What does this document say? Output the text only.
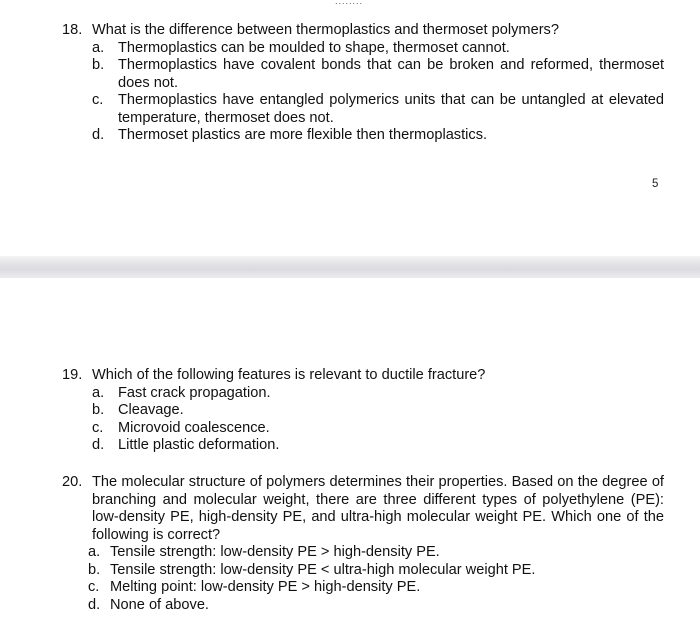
........
18. What is the difference between thermoplastics and thermoset polymers?
a. Thermoplastics can be moulded to shape, thermoset cannot.
b. Thermoplastics have covalent bonds that can be broken and reformed, thermoset does not.
c.	Thermoplastics have entangled polymerics units that can be untangled at elevated temperature, thermoset does not.
d. Thermoset plastics are more flexible then thermoplastics.
5
19. Which of the following features is relevant to ductile fracture?
a. Fast crack propagation.
b. Cleavage.
c.	Microvoid coalescence.
d. Little plastic deformation.
20. The molecular structure of polymers determines their properties. Based on the degree of branching and molecular weight, there are three different types of polyethylene (PE): low-density PE, high-density PE, and ultra-high molecular weight PE. Which one of the following is correct?
a. Tensile strength: low-density PE > high-density PE.
b. Tensile strength: low-density PE < ultra-high molecular weight PE.
c. Melting point: low-density PE > high-density PE.
d. None of above.
